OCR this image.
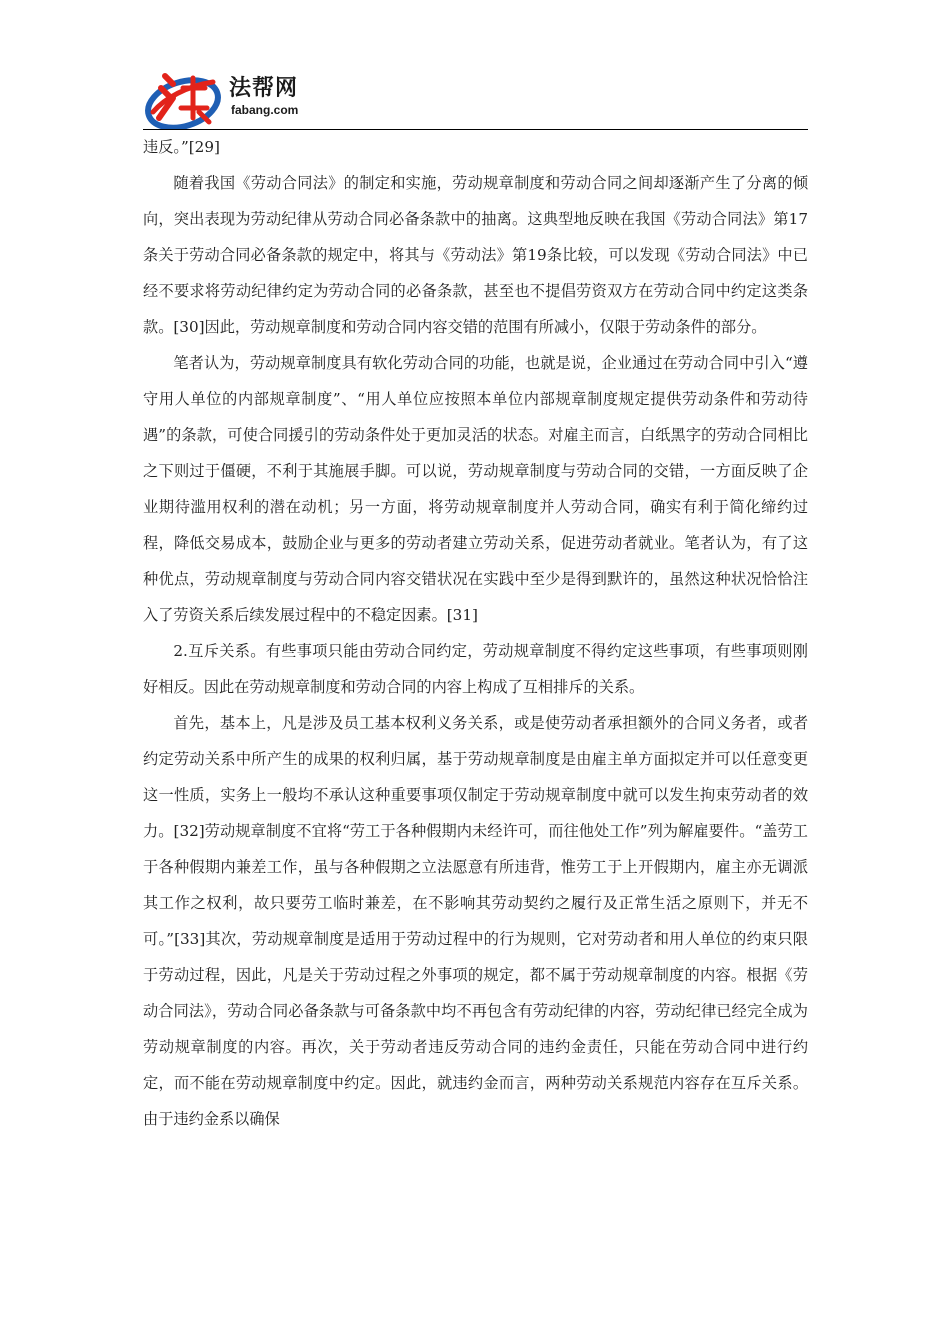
法帮网
fabang.com

违反。”[29]

随着我国《劳动合同法》的制定和实施，劳动规章制度和劳动合同之间却逐渐产生了分离的倾向，突出表现为劳动纪律从劳动合同必备条款中的抽离。这典型地反映在我国《劳动合同法》第17条关于劳动合同必备条款的规定中，将其与《劳动法》第19条比较，可以发现《劳动合同法》中已经不要求将劳动纪律约定为劳动合同的必备条款，甚至也不提倡劳资双方在劳动合同中约定这类条款。[30]因此，劳动规章制度和劳动合同内容交错的范围有所减小，仅限于劳动条件的部分。

笔者认为，劳动规章制度具有软化劳动合同的功能，也就是说，企业通过在劳动合同中引入“遵守用人单位的内部规章制度”、“用人单位应按照本单位内部规章制度规定提供劳动条件和劳动待遇”的条款，可使合同援引的劳动条件处于更加灵活的状态。对雇主而言，白纸黑字的劳动合同相比之下则过于僵硬，不利于其施展手脚。可以说，劳动规章制度与劳动合同的交错，一方面反映了企业期待滥用权利的潜在动机；另一方面，将劳动规章制度并人劳动合同，确实有利于简化缔约过程，降低交易成本，鼓励企业与更多的劳动者建立劳动关系，促进劳动者就业。笔者认为，有了这种优点，劳动规章制度与劳动合同内容交错状况在实践中至少是得到默许的，虽然这种状况恰恰注入了劳资关系后续发展过程中的不稳定因素。[31]

2.互斥关系。有些事项只能由劳动合同约定，劳动规章制度不得约定这些事项，有些事项则刚好相反。因此在劳动规章制度和劳动合同的内容上构成了互相排斥的关系。

首先，基本上，凡是涉及员工基本权利义务关系，或是使劳动者承担额外的合同义务者，或者约定劳动关系中所产生的成果的权利归属，基于劳动规章制度是由雇主单方面拟定并可以任意变更这一性质，实务上一般均不承认这种重要事项仅制定于劳动规章制度中就可以发生拘束劳动者的效力。[32]劳动规章制度不宜将“劳工于各种假期内未经许可，而往他处工作”列为解雇要件。“盖劳工于各种假期内兼差工作，虽与各种假期之立法愿意有所违背，惟劳工于上开假期内，雇主亦无调派其工作之权利，故只要劳工临时兼差，在不影响其劳动契约之履行及正常生活之原则下，并无不可。”[33]其次，劳动规章制度是适用于劳动过程中的行为规则，它对劳动者和用人单位的约束只限于劳动过程，因此，凡是关于劳动过程之外事项的规定，都不属于劳动规章制度的内容。根据《劳动合同法》，劳动合同必备条款与可备条款中均不再包含有劳动纪律的内容，劳动纪律已经完全成为劳动规章制度的内容。再次，关于劳动者违反劳动合同的违约金责任，只能在劳动合同中进行约定，而不能在劳动规章制度中约定。因此，就违约金而言，两种劳动关系规范内容存在互斥关系。由于违约金系以确保
